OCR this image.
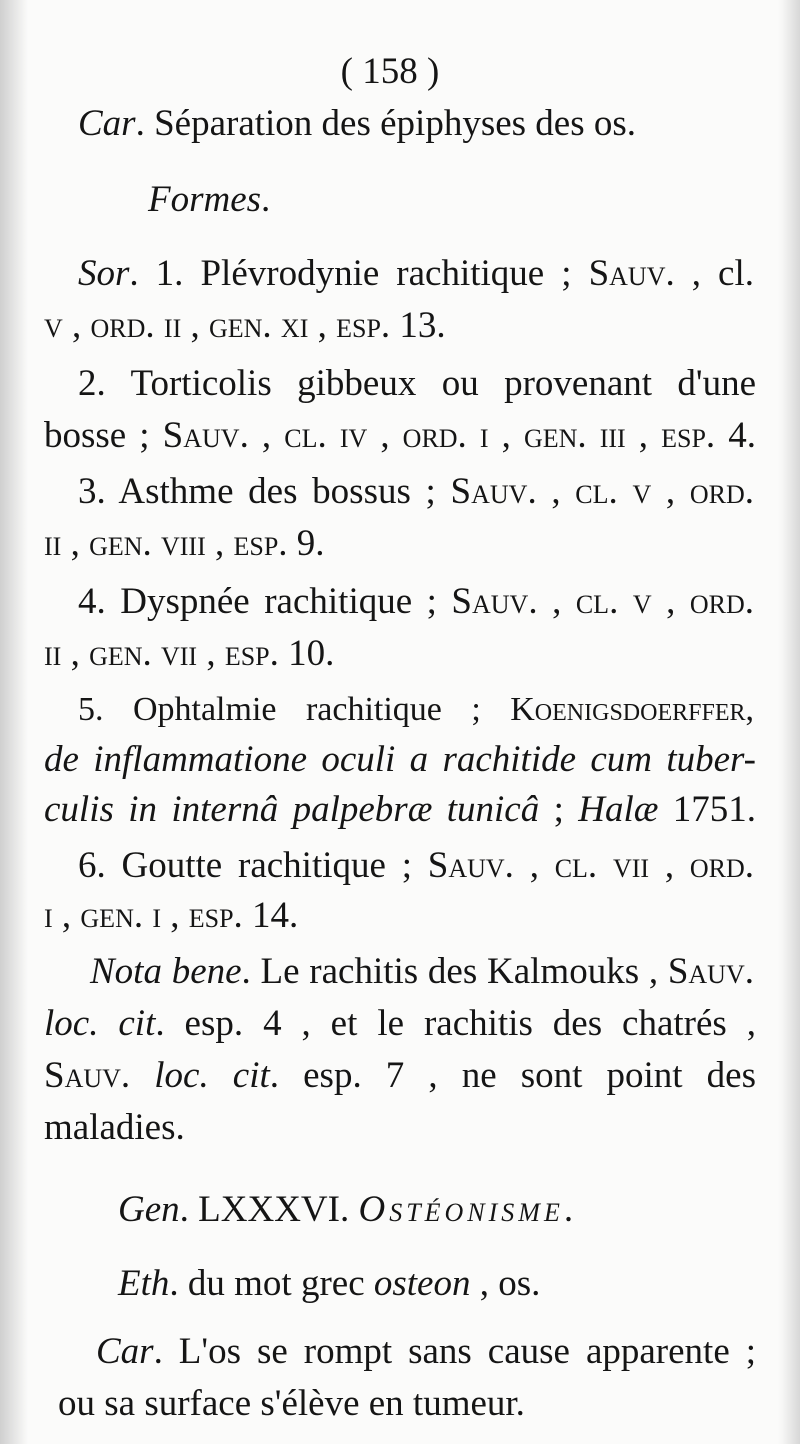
( 158 )
Car. Séparation des épiphyses des os.
Formes.
Sor. 1. Plévrodynie rachitique ; Sauv. , cl.
v , ord. ii , gen. xi , esp. 13.
2. Torticolis gibbeux ou provenant d'une
bosse ; Sauv. , cl. iv , ord. i , gen. iii , esp. 4.
3. Asthme des bossus ; Sauv. , cl. v , ord.
ii , gen. viii , esp. 9.
4. Dyspnée rachitique ; Sauv. , cl. v , ord.
ii , gen. vii , esp. 10.
5. Ophtalmie rachitique ; Koenigsdoerffer,
de inflammatione oculi a rachitide cum tuber-
culis in internâ palpebræ tunicâ ; Halæ 1751.
6. Goutte rachitique ; Sauv. , cl. vii , ord.
i , gen. i , esp. 14.
Nota bene. Le rachitis des Kalmouks , Sauv.
loc. cit. esp. 4 , et le rachitis des chatrés ,
Sauv. loc. cit. esp. 7 , ne sont point des
maladies.
Gen. LXXXVI. Ostéonisme.
Eth. du mot grec osteon , os.
Car. L'os se rompt sans cause apparente ;
ou sa surface s'élève en tumeur.
